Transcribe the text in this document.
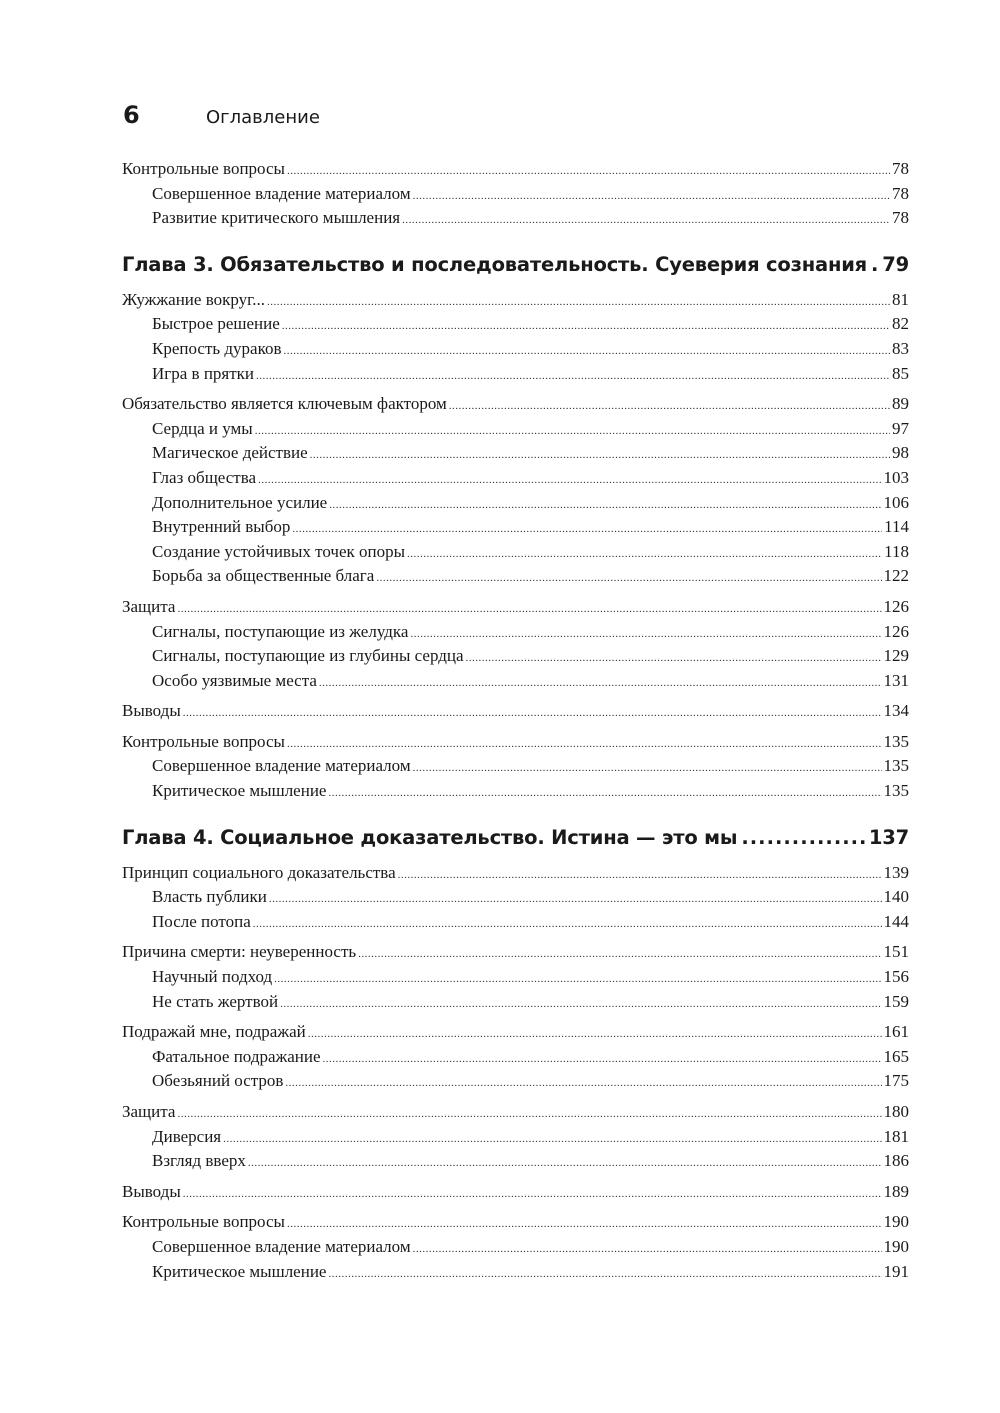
6	Оглавление
Контрольные вопросы .....	78
Совершенное владение материалом .....	78
Развитие критического мышления .....	78
Глава 3. Обязательство и последовательность. Суеверия сознания ..... 79
Жужжание вокруг... .....	81
Быстрое решение .....	82
Крепость дураков .....	83
Игра в прятки .....	85
Обязательство является ключевым фактором .....	89
Сердца и умы .....	97
Магическое действие .....	98
Глаз общества .....	103
Дополнительное усилие .....	106
Внутренний выбор .....	114
Создание устойчивых точек опоры .....	118
Борьба за общественные блага .....	122
Защита .....	126
Сигналы, поступающие из желудка .....	126
Сигналы, поступающие из глубины сердца .....	129
Особо уязвимые места .....	131
Выводы .....	134
Контрольные вопросы .....	135
Совершенное владение материалом .....	135
Критическое мышление .....	135
Глава 4. Социальное доказательство. Истина — это мы .....	137
Принцип социального доказательства .....	139
Власть публики .....	140
После потопа .....	144
Причина смерти: неуверенность .....	151
Научный подход .....	156
Не стать жертвой .....	159
Подражай мне, подражай .....	161
Фатальное подражание .....	165
Обезьяний остров .....	175
Защита .....	180
Диверсия .....	181
Взгляд вверх .....	186
Выводы .....	189
Контрольные вопросы .....	190
Совершенное владение материалом .....	190
Критическое мышление .....	191
